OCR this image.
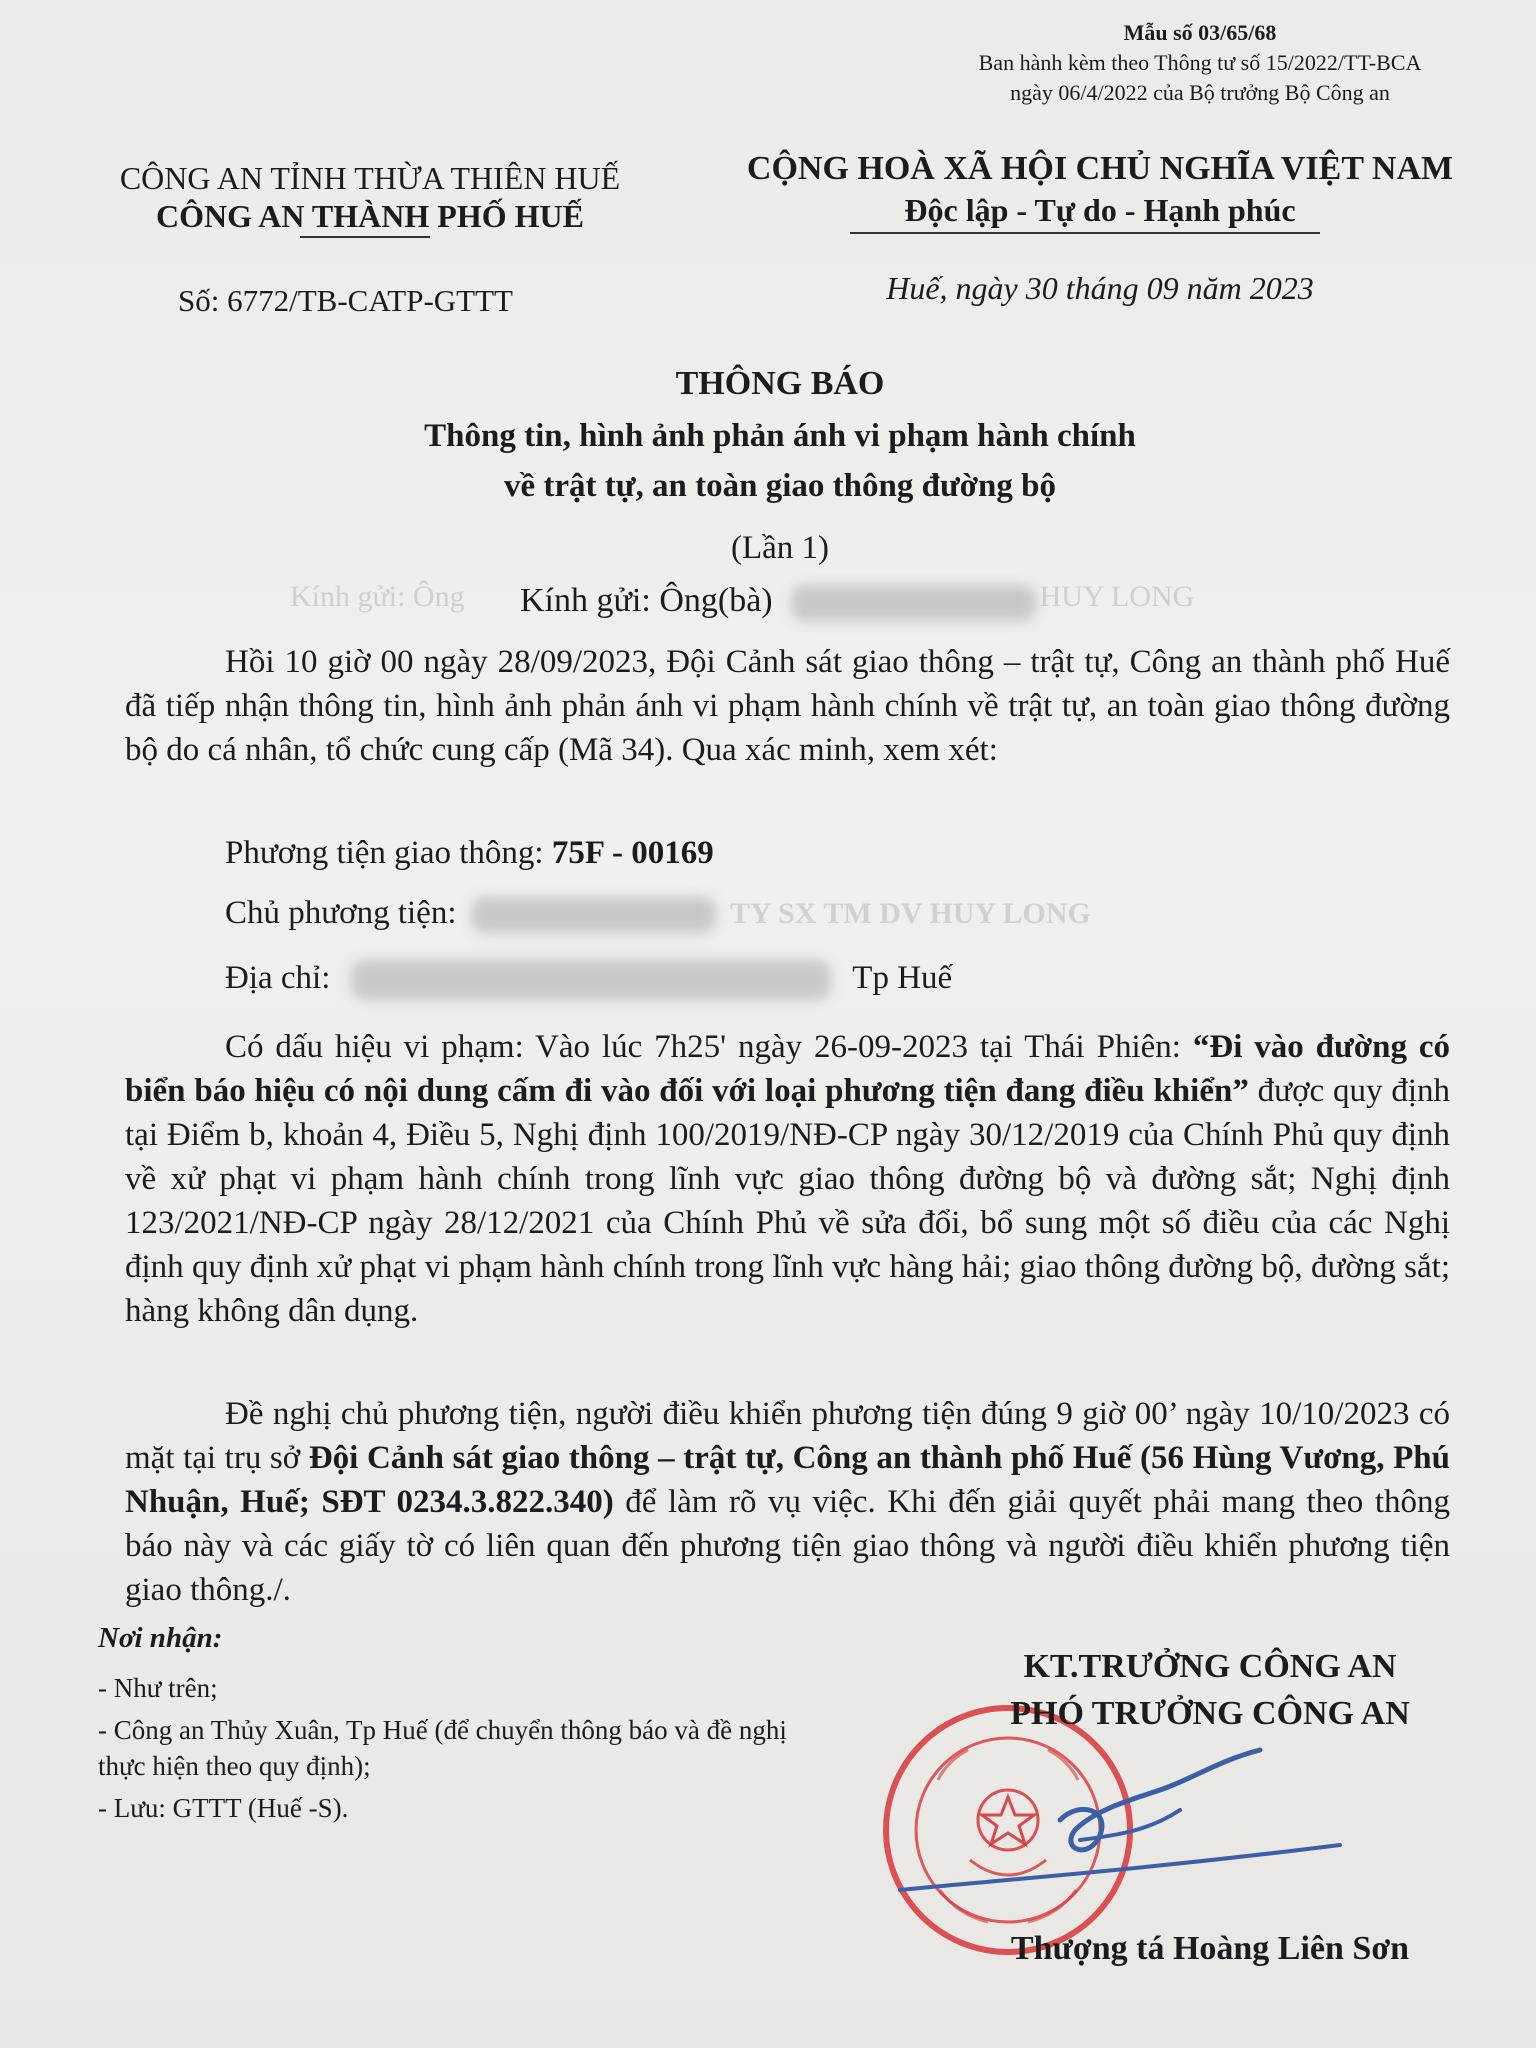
Mẫu số 03/65/68
Ban hành kèm theo Thông tư số 15/2022/TT-BCA
ngày 06/4/2022 của Bộ trưởng Bộ Công an
CÔNG AN TỈNH THỪA THIÊN HUẾ
CÔNG AN THÀNH PHỐ HUẾ
CỘNG HOÀ XÃ HỘI CHỦ NGHĨA VIỆT NAM
Độc lập - Tự do - Hạnh phúc
Số: 6772/TB-CATP-GTTT	Huế, ngày 30 tháng 09 năm 2023
THÔNG BÁO
Thông tin, hình ảnh phản ánh vi phạm hành chính
về trật tự, an toàn giao thông đường bộ
(Lần 1)
Kính gửi: Ông	HUY LONG
Kính gửi: Ông(bà)
Hồi 10 giờ 00 ngày 28/09/2023, Đội Cảnh sát giao thông – trật tự, Công an thành phố Huế đã tiếp nhận thông tin, hình ảnh phản ánh vi phạm hành chính về trật tự, an toàn giao thông đường bộ do cá nhân, tổ chức cung cấp (Mã 34). Qua xác minh, xem xét:
Phương tiện giao thông: 75F - 00169
Chủ phương tiện:	TY SX TM DV HUY LONG
Địa chỉ:	Tp Huế
Có dấu hiệu vi phạm: Vào lúc 7h25' ngày 26-09-2023 tại Thái Phiên: “Đi vào đường có biển báo hiệu có nội dung cấm đi vào đối với loại phương tiện đang điều khiển” được quy định tại Điểm b, khoản 4, Điều 5, Nghị định 100/2019/NĐ-CP ngày 30/12/2019 của Chính Phủ quy định về xử phạt vi phạm hành chính trong lĩnh vực giao thông đường bộ và đường sắt; Nghị định 123/2021/NĐ-CP ngày 28/12/2021 của Chính Phủ về sửa đổi, bổ sung một số điều của các Nghị định quy định xử phạt vi phạm hành chính trong lĩnh vực hàng hải; giao thông đường bộ, đường sắt; hàng không dân dụng.
Đề nghị chủ phương tiện, người điều khiển phương tiện đúng 9 giờ 00’ ngày 10/10/2023 có mặt tại trụ sở Đội Cảnh sát giao thông – trật tự, Công an thành phố Huế (56 Hùng Vương, Phú Nhuận, Huế; SĐT 0234.3.822.340) để làm rõ vụ việc. Khi đến giải quyết phải mang theo thông báo này và các giấy tờ có liên quan đến phương tiện giao thông và người điều khiển phương tiện giao thông./.
Nơi nhận:
- Như trên;
- Công an Thủy Xuân, Tp Huế (để chuyển thông báo và đề nghị thực hiện theo quy định);
- Lưu: GTTT (Huế -S).
KT.TRƯỞNG CÔNG AN
PHÓ TRƯỞNG CÔNG AN
Thượng tá Hoàng Liên Sơn
